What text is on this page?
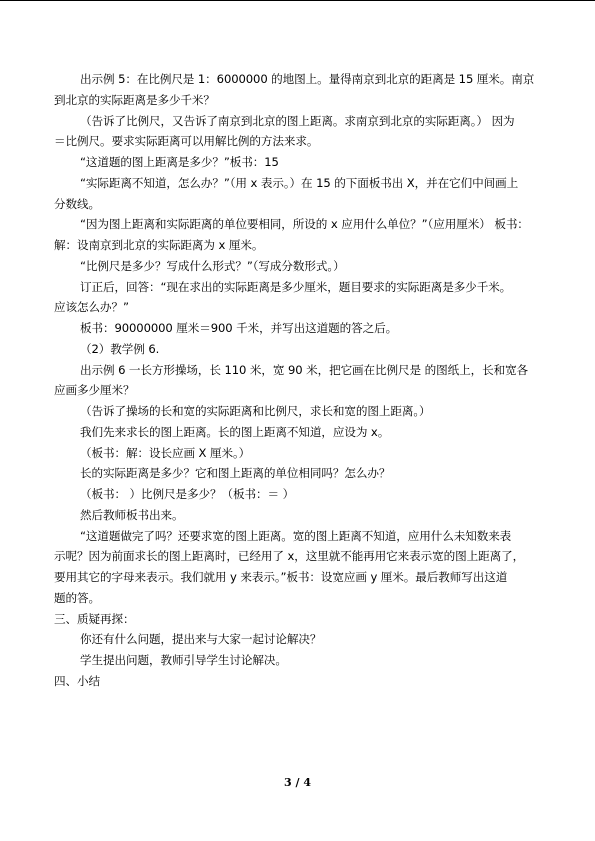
出示例 5：在比例尺是 1：6000000 的地图上。量得南京到北京的距离是 15 厘米。南京
到北京的实际距离是多少千米？
（告诉了比例尺，又告诉了南京到北京的图上距离。求南京到北京的实际距离。） 因为
＝比例尺。要求实际距离可以用解比例的方法来求。
“这道题的图上距离是多少？”板书：15
“实际距离不知道，怎么办？”（用 x 表示。）在 15 的下面板书出 X，并在它们中间画上
分数线。
“因为图上距离和实际距离的单位要相同，所设的 x 应用什么单位？”（应用厘米） 板书：
解：设南京到北京的实际距离为 x 厘米。
“比例尺是多少？写成什么形式？”（写成分数形式。）
订正后，回答：“现在求出的实际距离是多少厘米，题目要求的实际距离是多少千米。
应该怎么办？”
板书：90000000 厘米＝900 千米，并写出这道题的答之后。
（2）教学例 6.
出示例 6 一长方形操场，长 110 米，宽 90 米，把它画在比例尺是 的图纸上，长和宽各
应画多少厘米？
（告诉了操场的长和宽的实际距离和比例尺，求长和宽的图上距离。）
我们先来求长的图上距离。长的图上距离不知道，应设为 x。
（板书：解：设长应画 X 厘米。）
长的实际距离是多少？它和图上距离的单位相同吗？怎么办？
（板书： ）比例尺是多少？（板书：＝ ）
然后教师板书出来。
“这道题做完了吗？还要求宽的图上距离。宽的图上距离不知道，应用什么未知数来表
示呢？因为前面求长的图上距离时，已经用了 x，这里就不能再用它来表示宽的图上距离了，
要用其它的字母来表示。我们就用 y 来表示。”板书：设宽应画 y 厘米。最后教师写出这道
题的答。
三、质疑再探：
你还有什么问题，提出来与大家一起讨论解决？
学生提出问题，教师引导学生讨论解决。
四、小结
3 / 4
